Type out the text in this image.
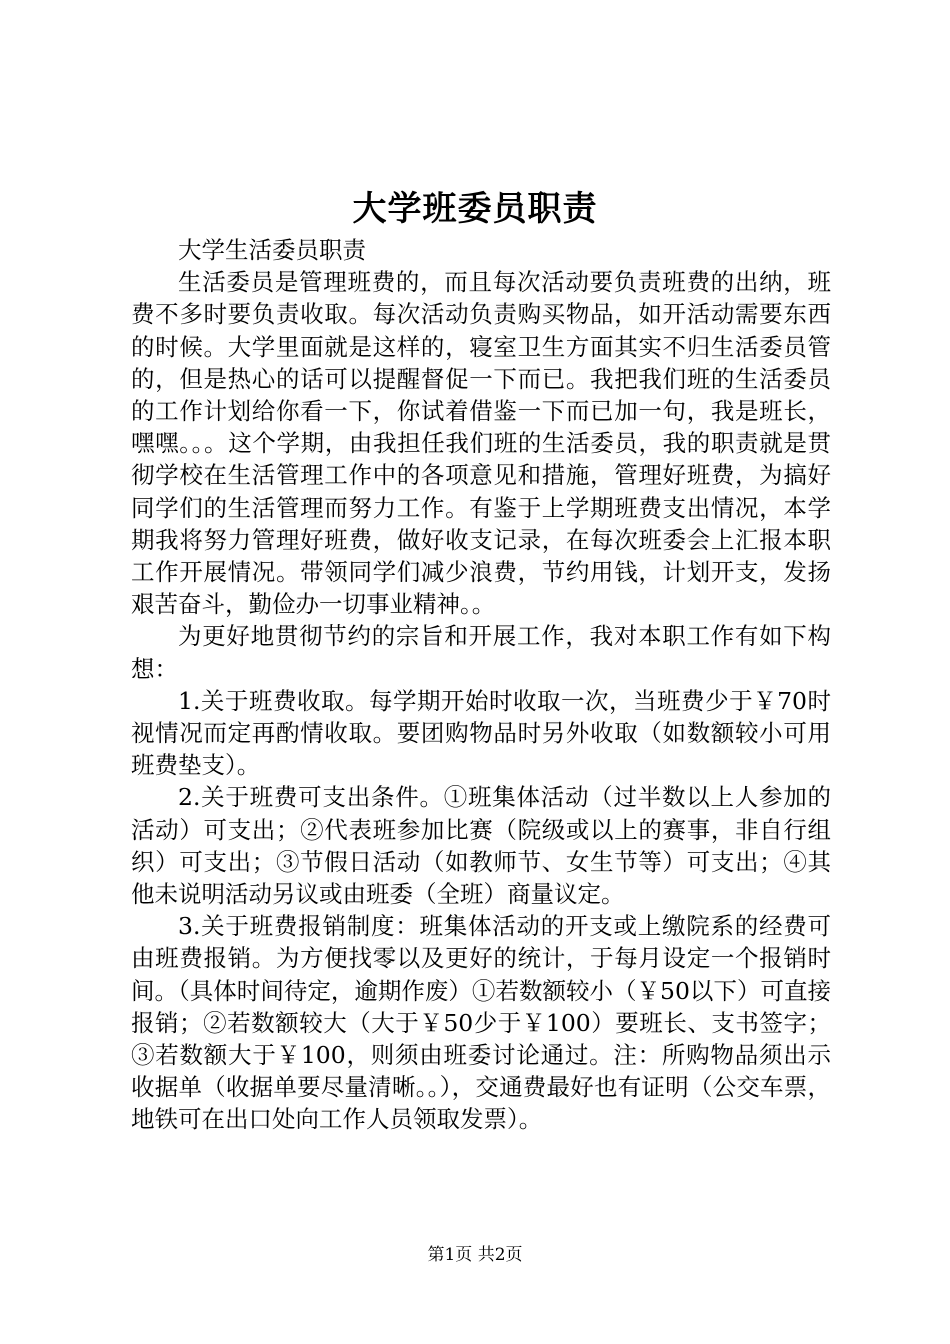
大学班委员职责

大学生活委员职责

生活委员是管理班费的，而且每次活动要负责班费的出纳，班费不多时要负责收取。每次活动负责购买物品，如开活动需要东西的时候。大学里面就是这样的，寝室卫生方面其实不归生活委员管的，但是热心的话可以提醒督促一下而已。我把我们班的生活委员的工作计划给你看一下，你试着借鉴一下而已加一句，我是班长，嘿嘿。。。这个学期，由我担任我们班的生活委员，我的职责就是贯彻学校在生活管理工作中的各项意见和措施，管理好班费，为搞好同学们的生活管理而努力工作。有鉴于上学期班费支出情况，本学期我将努力管理好班费，做好收支记录，在每次班委会上汇报本职工作开展情况。带领同学们减少浪费，节约用钱，计划开支，发扬艰苦奋斗，勤俭办一切事业精神。。

为更好地贯彻节约的宗旨和开展工作，我对本职工作有如下构想：

1.关于班费收取。每学期开始时收取一次，当班费少于￥70时视情况而定再酌情收取。要团购物品时另外收取（如数额较小可用班费垫支）。

2.关于班费可支出条件。①班集体活动（过半数以上人参加的活动）可支出；②代表班参加比赛（院级或以上的赛事，非自行组织）可支出；③节假日活动（如教师节、女生节等）可支出；④其他未说明活动另议或由班委（全班）商量议定。

3.关于班费报销制度：班集体活动的开支或上缴院系的经费可由班费报销。为方便找零以及更好的统计，于每月设定一个报销时间。（具体时间待定，逾期作废）①若数额较小（￥50以下）可直接报销；②若数额较大（大于￥50少于￥100）要班长、支书签字；③若数额大于￥100，则须由班委讨论通过。注：所购物品须出示收据单（收据单要尽量清晰。。），交通费最好也有证明（公交车票，地铁可在出口处向工作人员领取发票）。

第1页 共2页
